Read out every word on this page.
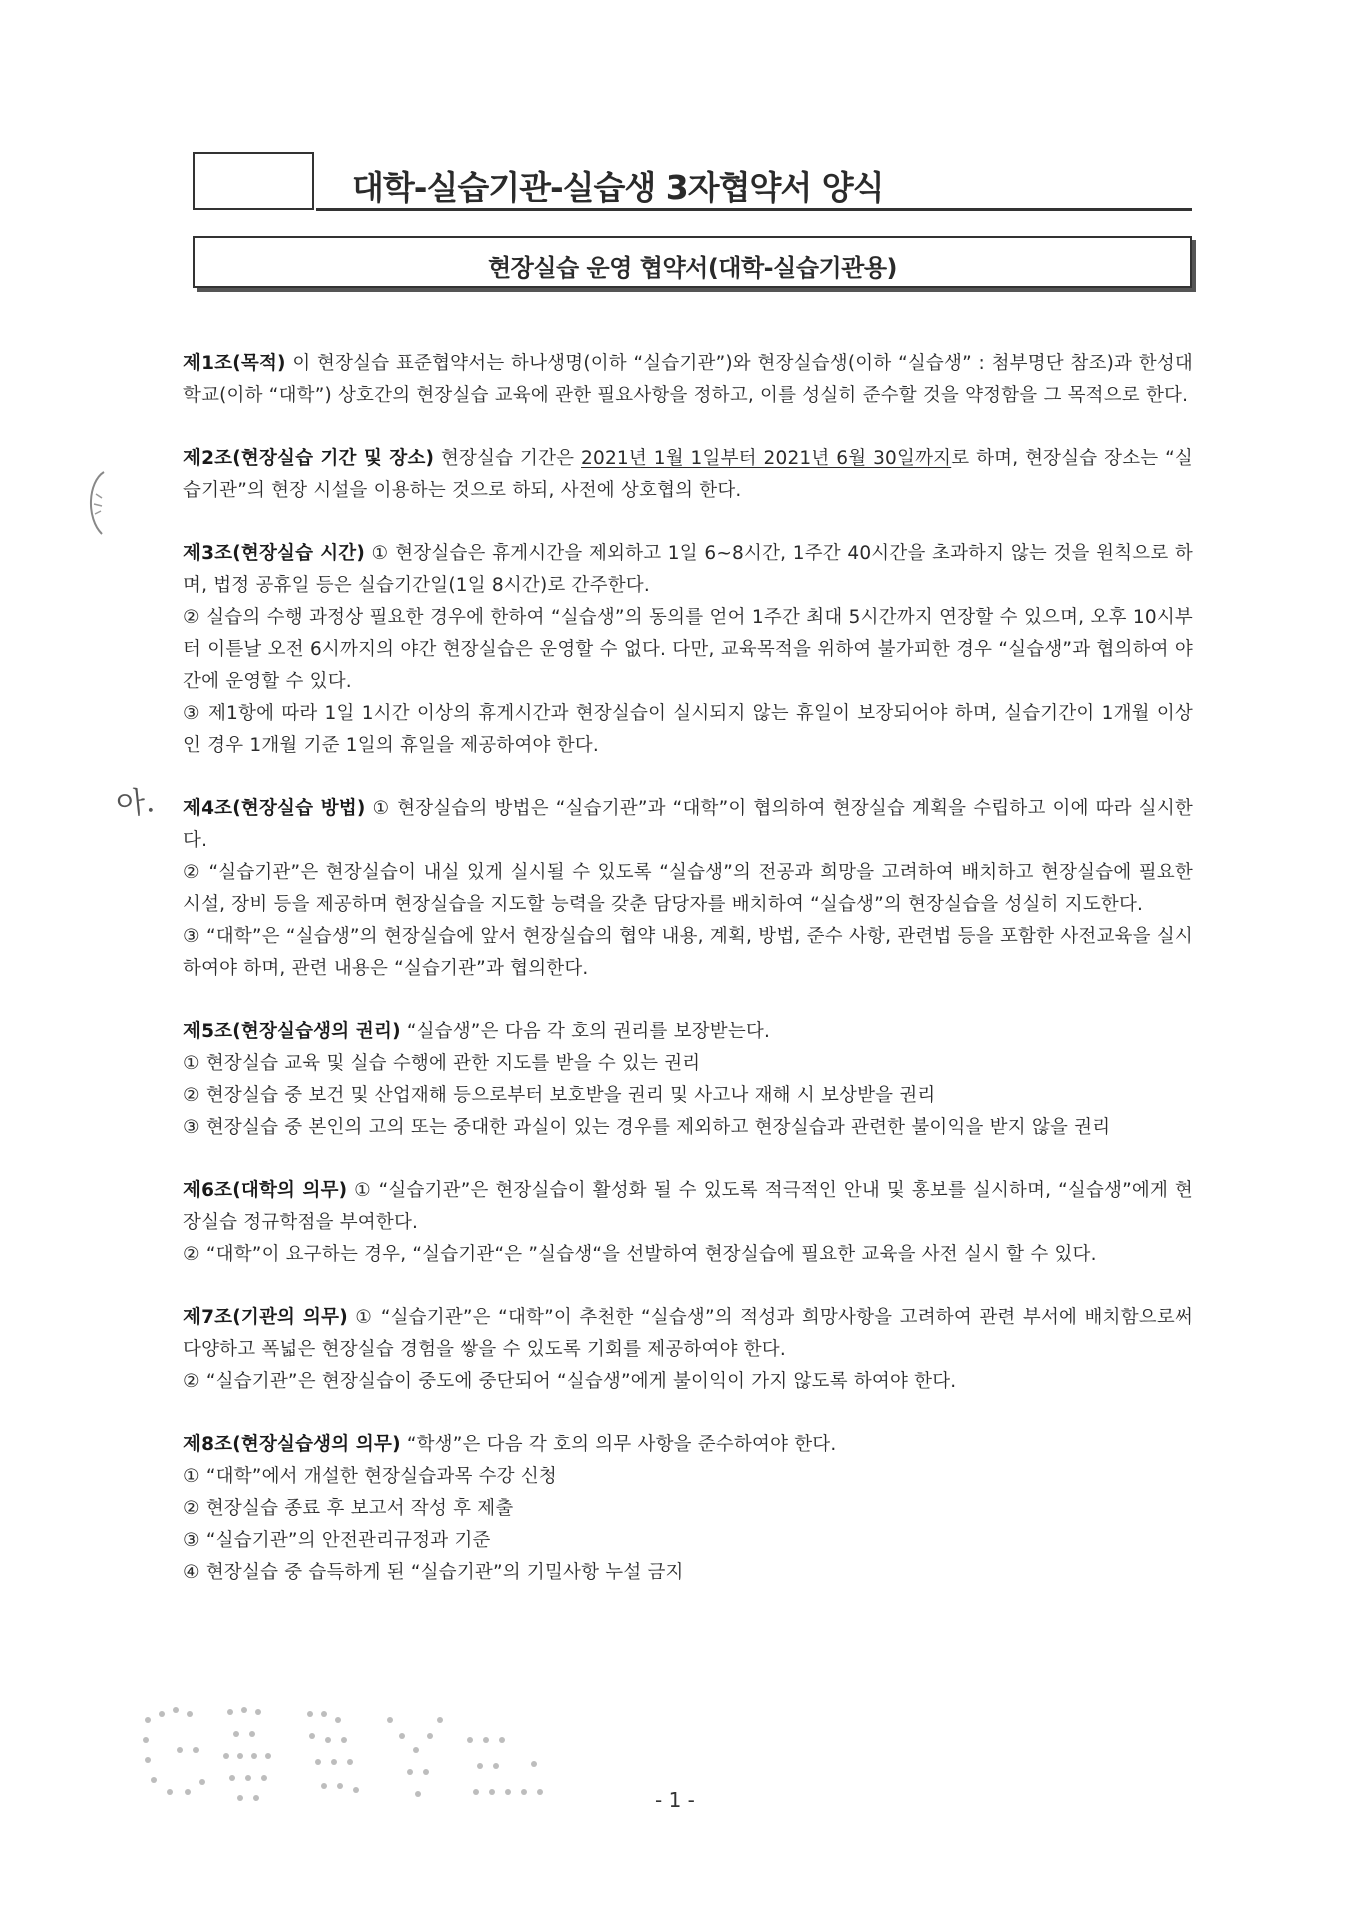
대학-실습기관-실습생 3자협약서 양식
현장실습 운영 협약서(대학-실습기관용)
아.

제1조(목적) 이 현장실습 표준협약서는 하나생명(이하 “실습기관”)와 현장실습생(이하 “실습생” : 첨부명단 참조)과 한성대학교(이하 “대학”) 상호간의 현장실습 교육에 관한 필요사항을 정하고, 이를 성실히 준수할 것을 약정함을 그 목적으로 한다.

제2조(현장실습 기간 및 장소) 현장실습 기간은 2021년 1월 1일부터 2021년 6월 30일까지로 하며, 현장실습 장소는 “실습기관”의 현장 시설을 이용하는 것으로 하되, 사전에 상호협의 한다.

제3조(현장실습 시간) ① 현장실습은 휴게시간을 제외하고 1일 6~8시간, 1주간 40시간을 초과하지 않는 것을 원칙으로 하며, 법정 공휴일 등은 실습기간일(1일 8시간)로 간주한다.

② 실습의 수행 과정상 필요한 경우에 한하여 “실습생”의 동의를 얻어 1주간 최대 5시간까지 연장할 수 있으며, 오후 10시부터 이튿날 오전 6시까지의 야간 현장실습은 운영할 수 없다. 다만, 교육목적을 위하여 불가피한 경우 “실습생”과 협의하여 야간에 운영할 수 있다.

③ 제1항에 따라 1일 1시간 이상의 휴게시간과 현장실습이 실시되지 않는 휴일이 보장되어야 하며, 실습기간이 1개월 이상인 경우 1개월 기준 1일의 휴일을 제공하여야 한다.

제4조(현장실습 방법) ① 현장실습의 방법은 “실습기관”과 “대학”이 협의하여 현장실습 계획을 수립하고 이에 따라 실시한다.

② “실습기관”은 현장실습이 내실 있게 실시될 수 있도록 “실습생”의 전공과 희망을 고려하여 배치하고 현장실습에 필요한 시설, 장비 등을 제공하며 현장실습을 지도할 능력을 갖춘 담당자를 배치하여 “실습생”의 현장실습을 성실히 지도한다.

③ “대학”은 “실습생”의 현장실습에 앞서 현장실습의 협약 내용, 계획, 방법, 준수 사항, 관련법 등을 포함한 사전교육을 실시하여야 하며, 관련 내용은 “실습기관”과 협의한다.

제5조(현장실습생의 권리) “실습생”은 다음 각 호의 권리를 보장받는다.

① 현장실습 교육 및 실습 수행에 관한 지도를 받을 수 있는 권리

② 현장실습 중 보건 및 산업재해 등으로부터 보호받을 권리 및 사고나 재해 시 보상받을 권리

③ 현장실습 중 본인의 고의 또는 중대한 과실이 있는 경우를 제외하고 현장실습과 관련한 불이익을 받지 않을 권리

제6조(대학의 의무) ① “실습기관”은 현장실습이 활성화 될 수 있도록 적극적인 안내 및 홍보를 실시하며, “실습생”에게 현장실습 정규학점을 부여한다.

② “대학”이 요구하는 경우, “실습기관“은 ”실습생“을 선발하여 현장실습에 필요한 교육을 사전 실시 할 수 있다.

제7조(기관의 의무) ① “실습기관”은 “대학”이 추천한 “실습생”의 적성과 희망사항을 고려하여 관련 부서에 배치함으로써 다양하고 폭넓은 현장실습 경험을 쌓을 수 있도록 기회를 제공하여야 한다.

② “실습기관”은 현장실습이 중도에 중단되어 “실습생”에게 불이익이 가지 않도록 하여야 한다.

제8조(현장실습생의 의무) “학생”은 다음 각 호의 의무 사항을 준수하여야 한다.

① “대학”에서 개설한 현장실습과목 수강 신청

② 현장실습 종료 후 보고서 작성 후 제출

③ “실습기관”의 안전관리규정과 기준

④ 현장실습 중 습득하게 된 “실습기관”의 기밀사항 누설 금지

- 1 -
